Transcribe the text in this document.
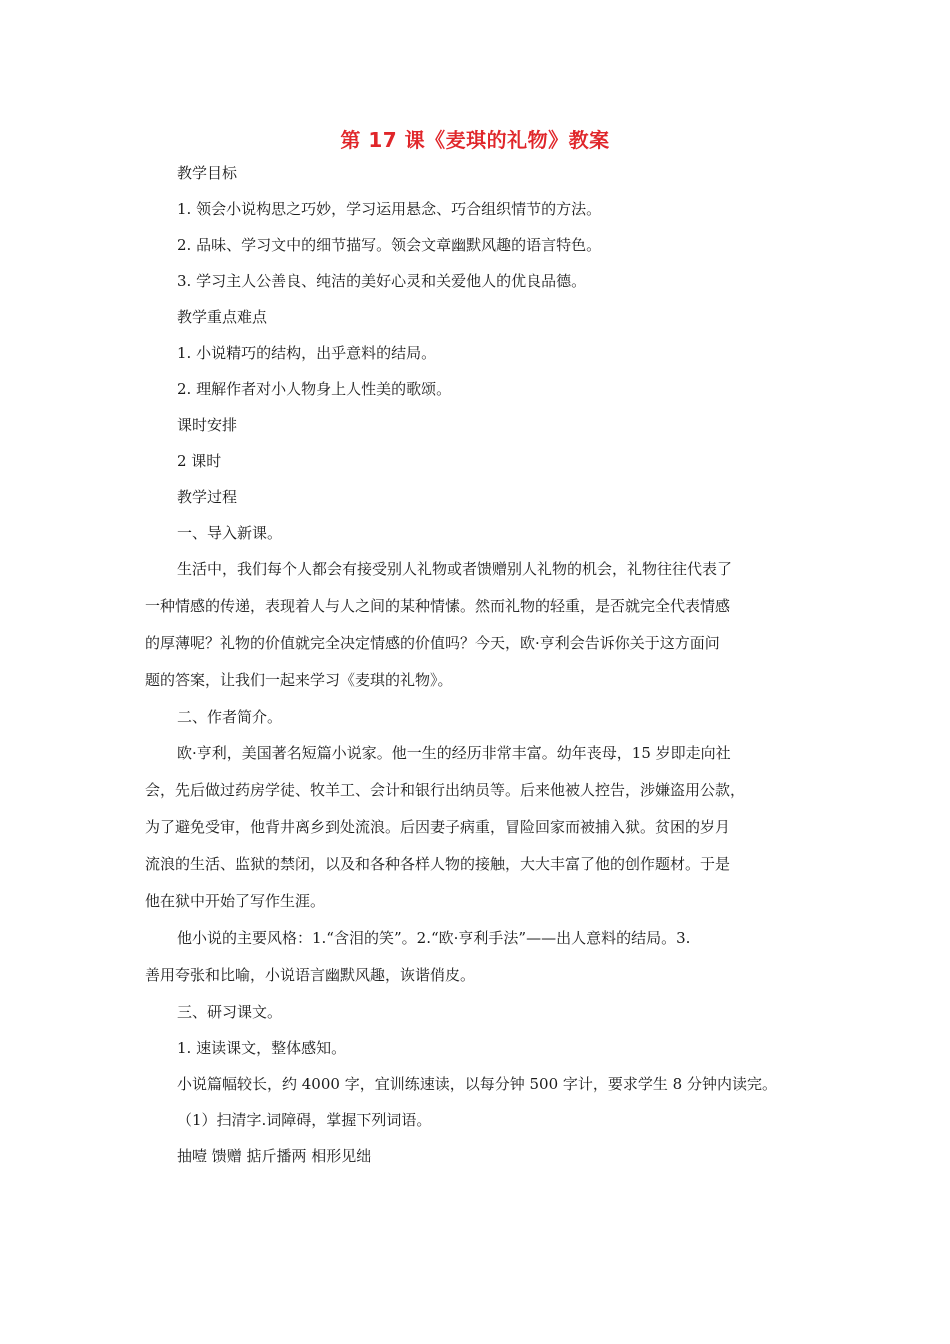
第 17 课《麦琪的礼物》教案
教学目标
1. 领会小说构思之巧妙，学习运用悬念、巧合组织情节的方法。
2. 品味、学习文中的细节描写。领会文章幽默风趣的语言特色。
3. 学习主人公善良、纯洁的美好心灵和关爱他人的优良品德。
教学重点难点
1. 小说精巧的结构，出乎意料的结局。
2. 理解作者对小人物身上人性美的歌颂。
课时安排
2 课时
教学过程
一、导入新课。
生活中，我们每个人都会有接受别人礼物或者馈赠别人礼物的机会，礼物往往代表了
一种情感的传递，表现着人与人之间的某种情愫。然而礼物的轻重，是否就完全代表情感
的厚薄呢？礼物的价值就完全决定情感的价值吗？今天，欧·亨利会告诉你关于这方面问
题的答案，让我们一起来学习《麦琪的礼物》。
二、作者简介。
欧·亨利，美国著名短篇小说家。他一生的经历非常丰富。幼年丧母，15 岁即走向社
会，先后做过药房学徒、牧羊工、会计和银行出纳员等。后来他被人控告，涉嫌盗用公款，
为了避免受审，他背井离乡到处流浪。后因妻子病重，冒险回家而被捕入狱。贫困的岁月
流浪的生活、监狱的禁闭，以及和各种各样人物的接触，大大丰富了他的创作题材。于是
他在狱中开始了写作生涯。
他小说的主要风格：1.“含泪的笑”。2.“欧·亨利手法”——出人意料的结局。3.
善用夸张和比喻，小说语言幽默风趣，诙谐俏皮。
三、研习课文。
1. 速读课文，整体感知。
小说篇幅较长，约 4000 字，宜训练速读，以每分钟 500 字计，要求学生 8 分钟内读完。
（1）扫清字.词障碍，掌握下列词语。
抽噎 馈赠 掂斤播两 相形见绌
